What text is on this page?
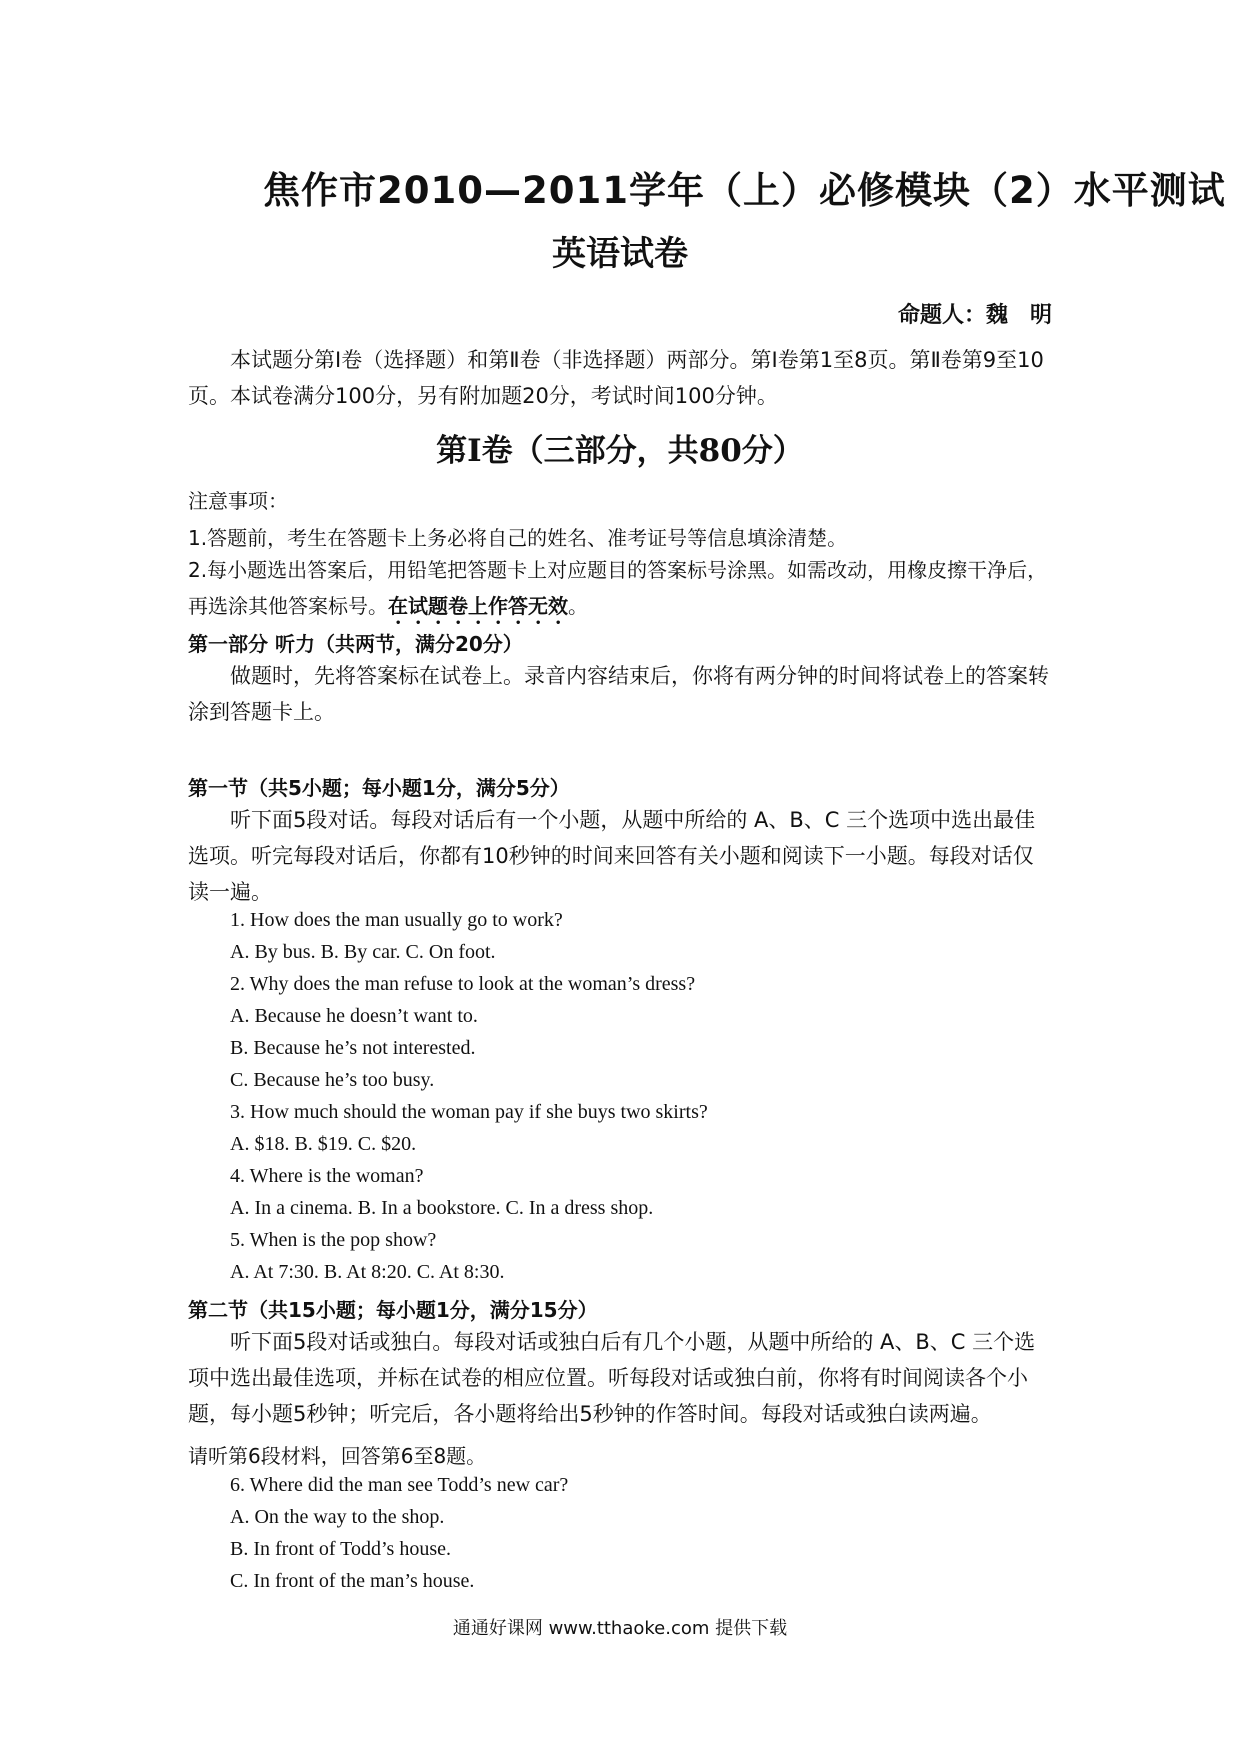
焦作市2010—2011学年（上）必修模块（2）水平测试
英语试卷
命题人：魏　明
本试题分第Ⅰ卷（选择题）和第Ⅱ卷（非选择题）两部分。第Ⅰ卷第1至8页。第Ⅱ卷第9至10页。本试卷满分100分，另有附加题20分，考试时间100分钟。
第Ⅰ卷（三部分，共80分）
注意事项：
1.答题前，考生在答题卡上务必将自己的姓名、准考证号等信息填涂清楚。
2.每小题选出答案后，用铅笔把答题卡上对应题目的答案标号涂黑。如需改动，用橡皮擦干净后，再选涂其他答案标号。在试题卷上作答无效。
第一部分 听力（共两节，满分20分）
做题时，先将答案标在试卷上。录音内容结束后，你将有两分钟的时间将试卷上的答案转涂到答题卡上。
第一节（共5小题；每小题1分，满分5分）
听下面5段对话。每段对话后有一个小题，从题中所给的 A、B、C 三个选项中选出最佳选项。听完每段对话后，你都有10秒钟的时间来回答有关小题和阅读下一小题。每段对话仅读一遍。
1. How does the man usually go to work?
A. By bus. B. By car. C. On foot.
2. Why does the man refuse to look at the woman’s dress?
A. Because he doesn’t want to.
B. Because he’s not interested.
C. Because he’s too busy.
3. How much should the woman pay if she buys two skirts?
A. $18. B. $19. C. $20.
4. Where is the woman?
A. In a cinema. B. In a bookstore. C. In a dress shop.
5. When is the pop show?
A. At 7:30. B. At 8:20. C. At 8:30.
第二节（共15小题；每小题1分，满分15分）
听下面5段对话或独白。每段对话或独白后有几个小题，从题中所给的 A、B、C 三个选项中选出最佳选项，并标在试卷的相应位置。听每段对话或独白前，你将有时间阅读各个小题，每小题5秒钟；听完后，各小题将给出5秒钟的作答时间。每段对话或独白读两遍。
请听第6段材料，回答第6至8题。
6. Where did the man see Todd’s new car?
A. On the way to the shop.
B. In front of Todd’s house.
C. In front of the man’s house.
通通好课网 www.tthaoke.com 提供下载
